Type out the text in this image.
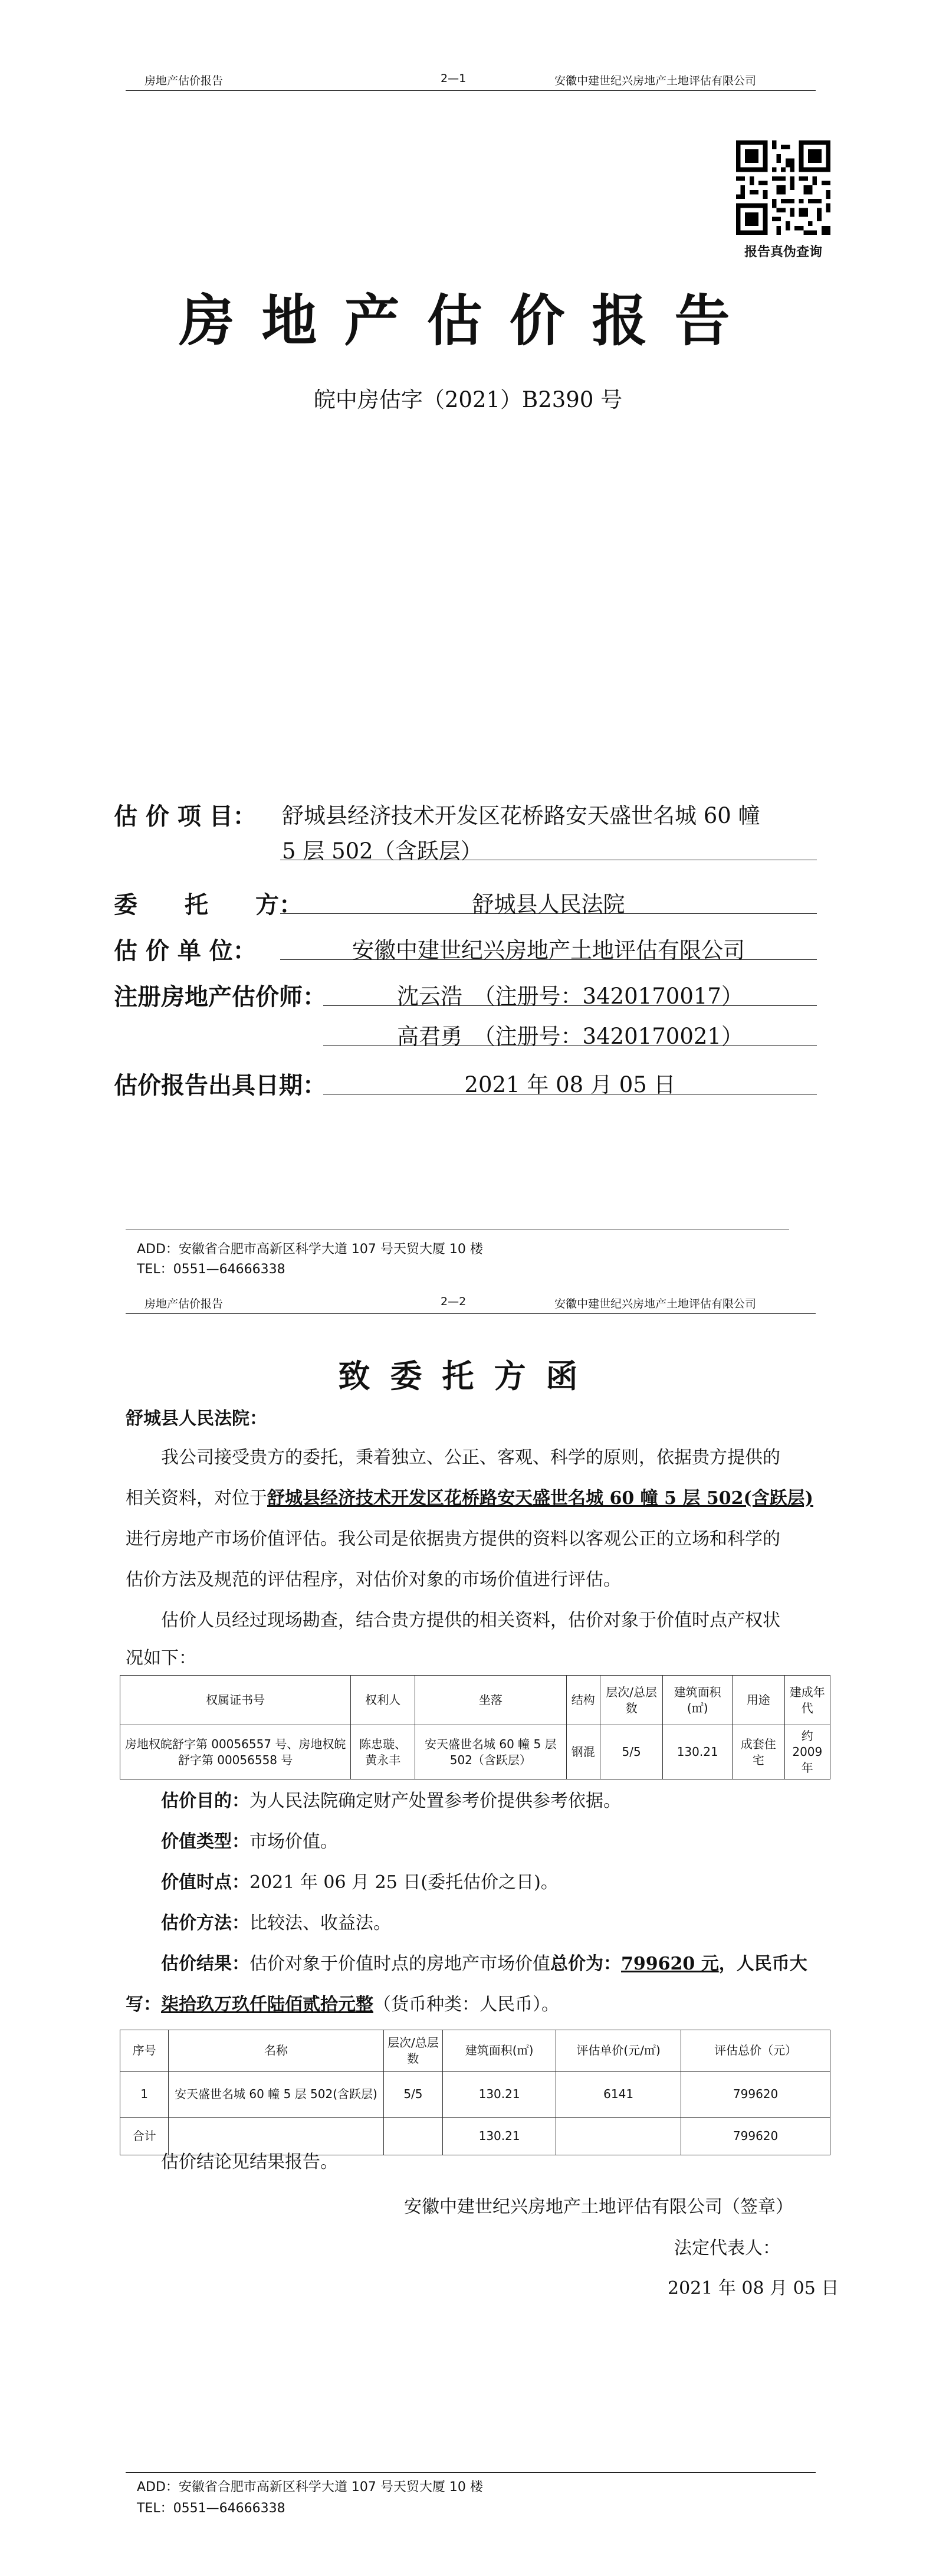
房地产估价报告	2—1	安徽中建世纪兴房地产土地评估有限公司
报告真伪查询
房地产估价报告
皖中房估字（2021）B2390 号
估 价 项 目： 舒城县经济技术开发区花桥路安天盛世名城 60 幢
5 层 502（含跃层）
委　　托　　方：	舒城县人民法院
估 价 单 位：	安徽中建世纪兴房地产土地评估有限公司
注册房地产估价师：	沈云浩　（注册号：3420170017）
高君勇　（注册号：3420170021）
估价报告出具日期：	2021 年 08 月 05 日
ADD：安徽省合肥市高新区科学大道 107 号天贸大厦 10 楼
TEL：0551—64666338
房地产估价报告	2—2	安徽中建世纪兴房地产土地评估有限公司
致委托方函
舒城县人民法院：
我公司接受贵方的委托，秉着独立、公正、客观、科学的原则，依据贵方提供的
相关资料，对位于舒城县经济技术开发区花桥路安天盛世名城 60 幢 5 层 502(含跃层)
进行房地产市场价值评估。我公司是依据贵方提供的资料以客观公正的立场和科学的
估价方法及规范的评估程序，对估价对象的市场价值进行评估。
估价人员经过现场勘查，结合贵方提供的相关资料，估价对象于价值时点产权状
况如下：
权属证书号	权利人	坐落	结构	层次/总层数	建筑面积(㎡)	用途	建成年代
房地权皖舒字第 00056557 号、房地权皖舒字第 00056558 号	陈忠璇、黄永丰	安天盛世名城 60 幢 5 层 502（含跃层）	钢混	5/5	130.21	成套住宅	约 2009 年
估价目的：为人民法院确定财产处置参考价提供参考依据。
价值类型：市场价值。
价值时点：2021 年 06 月 25 日(委托估价之日)。
估价方法：比较法、收益法。
估价结果：估价对象于价值时点的房地产市场价值总价为：799620 元，人民币大
写：柒拾玖万玖仟陆佰贰拾元整（货币种类：人民币）。
序号	名称	层次/总层数	建筑面积(㎡)	评估单价(元/㎡)	评估总价（元）
1	安天盛世名城 60 幢 5 层 502(含跃层)	5/5	130.21	6141	799620
合计			130.21		799620
估价结论见结果报告。
安徽中建世纪兴房地产土地评估有限公司（签章）
法定代表人：
2021 年 08 月 05 日
ADD：安徽省合肥市高新区科学大道 107 号天贸大厦 10 楼
TEL：0551—64666338
